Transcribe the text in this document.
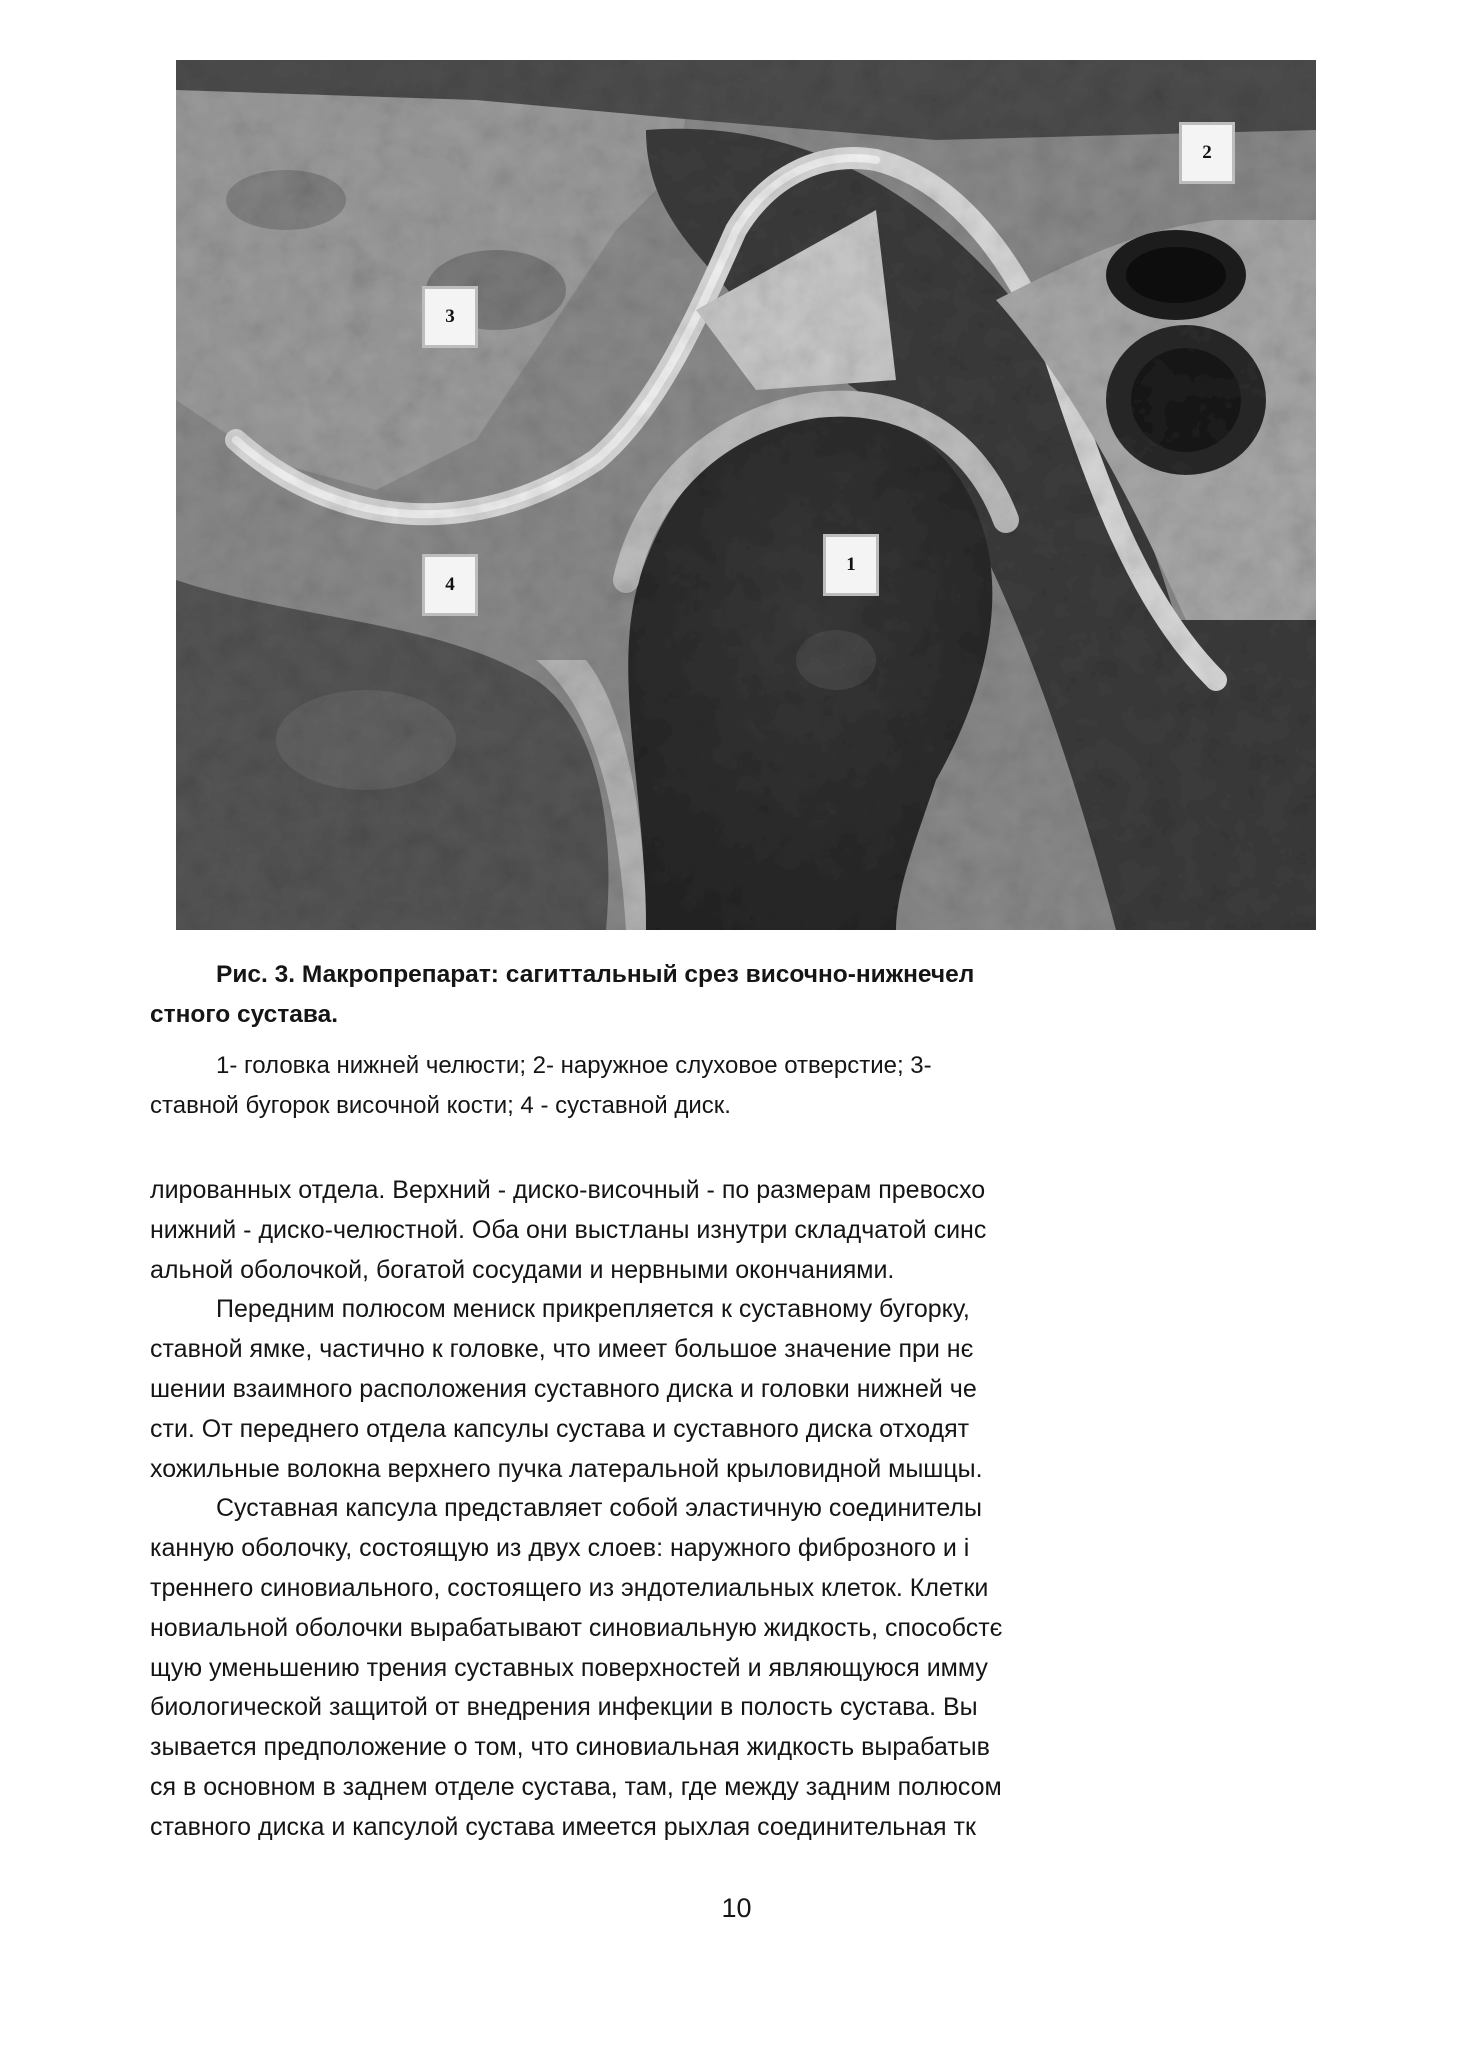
1
2
3
4
Рис. 3. Макропрепарат: сагиттальный срез височно-нижнечел
стного сустава.
1- головка нижней челюсти; 2- наружное слуховое отверстие; 3-
ставной бугорок височной кости; 4 - суставной диск.
лированных отдела. Верхний - диско-височный - по размерам превосхо
нижний - диско-челюстной. Оба они выстланы изнутри складчатой синс
альной оболочкой, богатой сосудами и нервными окончаниями.
Передним полюсом мениск прикрепляется к суставному бугорку,
ставной ямке, частично к головке, что имеет большое значение при нє
шении взаимного расположения суставного диска и головки нижней че
сти. От переднего отдела капсулы сустава и суставного диска отходят
хожильные волокна верхнего пучка латеральной крыловидной мышцы.
Суставная капсула представляет собой эластичную соединителы
канную оболочку, состоящую из двух слоев: наружного фиброзного и і
треннего синовиального, состоящего из эндотелиальных клеток. Клетки
новиальной оболочки вырабатывают синовиальную жидкость, способстє
щую уменьшению трения суставных поверхностей и являющуюся имму
биологической защитой от внедрения инфекции в полость сустава. Вы
зывается предположение о том, что синовиальная жидкость вырабатыв
ся в основном в заднем отделе сустава, там, где между задним полюсом
ставного диска и капсулой сустава имеется рыхлая соединительная тк
10
